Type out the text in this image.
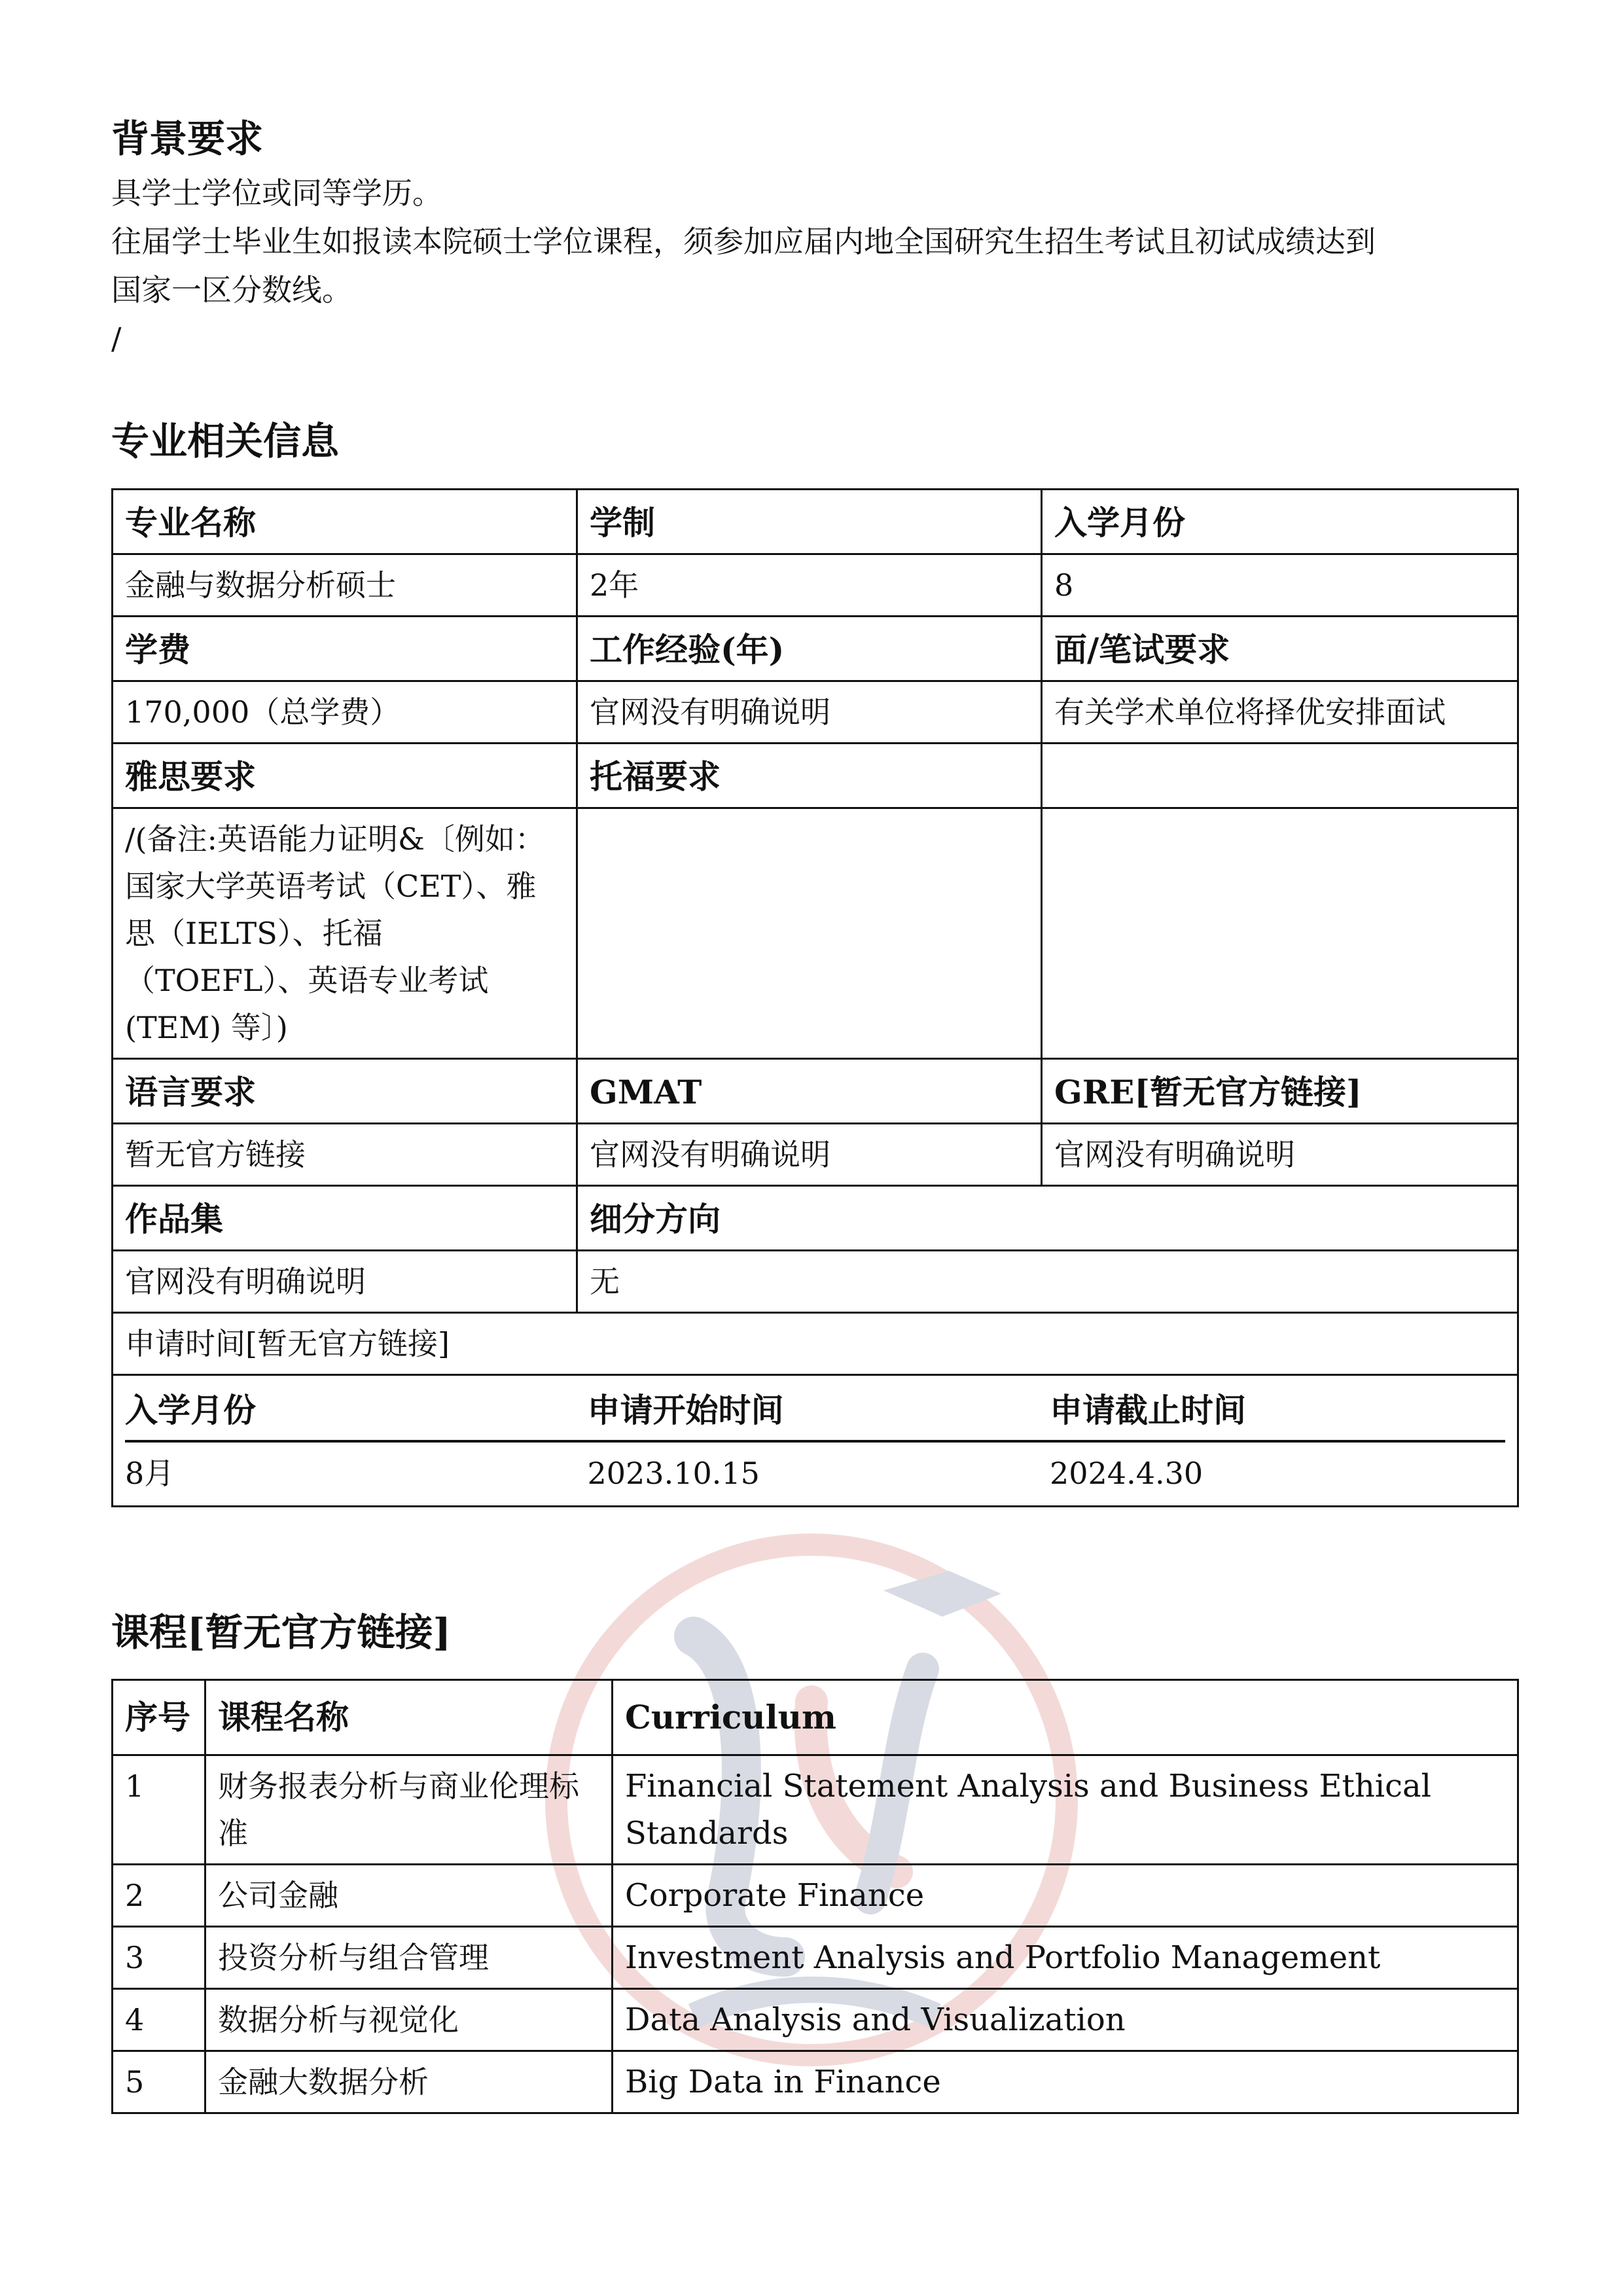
背景要求

具学士学位或同等学历。

往届学士毕业生如报读本院硕士学位课程，须参加应届内地全国研究生招生考试且初试成绩达到

国家一区分数线。

/

专业相关信息
专业名称	学制	入学月份
金融与数据分析硕士	2年	8
学费	工作经验(年)	面/笔试要求
170,000（总学费）	官网没有明确说明	有关学术单位将择优安排面试
雅思要求	托福要求	
/(备注:英语能力证明&〔例如：国家大学英语考试（CET）、雅思（IELTS）、托福（TOEFL）、英语专业考试(TEM) 等〕)		
语言要求	GMAT	GRE[暂无官方链接]
暂无官方链接	官网没有明确说明	官网没有明确说明
作品集	细分方向
官网没有明确说明	无
申请时间[暂无官方链接]

入学月份	申请开始时间	申请截止时间
8月	2023.10.15	2024.4.30
课程[暂无官方链接]
序号	课程名称	Curriculum
1	财务报表分析与商业伦理标准	Financial Statement Analysis and Business Ethical Standards
2	公司金融	Corporate Finance
3	投资分析与组合管理	Investment Analysis and Portfolio Management
4	数据分析与视觉化	Data Analysis and Visualization
5	金融大数据分析	Big Data in Finance
